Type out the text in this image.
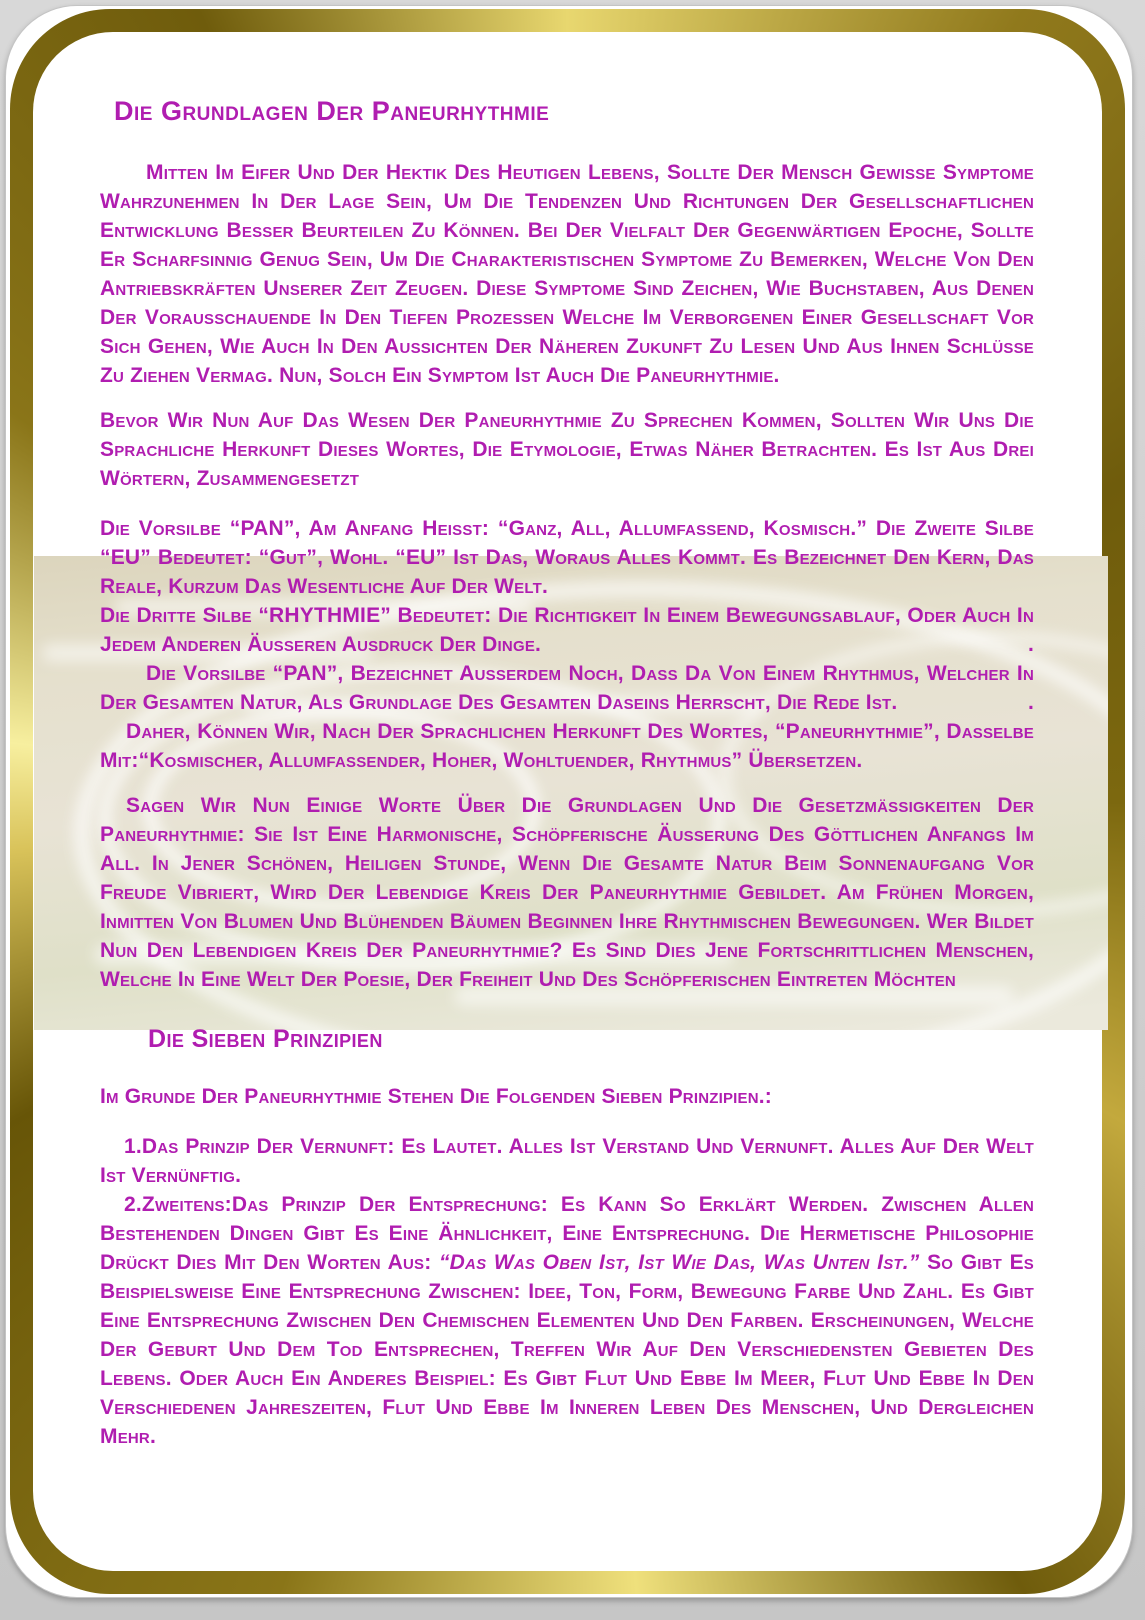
Die Grundlagen Der Paneurhythmie

Mitten Im Eifer Und Der Hektik Des Heutigen Lebens, Sollte Der Mensch Gewisse Symptome Wahrzunehmen In Der Lage Sein, Um Die Tendenzen Und Richtungen Der Gesellschaftlichen Entwicklung Besser Beurteilen Zu Können. Bei Der Vielfalt Der Gegenwärtigen Epoche, Sollte Er Scharfsinnig Genug Sein, Um Die Charakteristischen Symptome Zu Bemerken, Welche Von Den Antriebskräften Unserer Zeit Zeugen. Diese Symptome Sind Zeichen, Wie Buchstaben, Aus Denen Der Vorausschauende In Den Tiefen Prozessen Welche Im Verborgenen Einer Gesellschaft Vor Sich Gehen, Wie Auch In Den Aussichten Der Näheren Zukunft Zu Lesen Und Aus Ihnen Schlüsse Zu Ziehen Vermag. Nun, Solch Ein Symptom Ist Auch Die Paneurhythmie.

Bevor Wir Nun Auf Das Wesen Der Paneurhythmie Zu Sprechen Kommen, Sollten Wir Uns Die Sprachliche Herkunft Dieses Wortes, Die Etymologie, Etwas Näher Betrachten. Es Ist Aus Drei Wörtern, Zusammengesetzt

Die Vorsilbe “PAN”, Am Anfang Heisst: “Ganz, All, Allumfassend, Kosmisch.” Die Zweite Silbe “EU” Bedeutet: “Gut”, Wohl. “EU” Ist Das, Woraus Alles Kommt. Es Bezeichnet Den Kern, Das Reale, Kurzum Das Wesentliche Auf Der Welt.

Die Dritte Silbe “RHYTHMIE” Bedeutet: Die Richtigkeit In Einem Bewegungsablauf, Oder Auch In Jedem Anderen Äusseren Ausdruck Der Dinge.	.

Die Vorsilbe “PAN”, Bezeichnet Ausserdem Noch, Dass Da Von Einem Rhythmus, Welcher In Der Gesamten Natur, Als Grundlage Des Gesamten Daseins Herrscht, Die Rede Ist.	.

Daher, Können Wir, Nach Der Sprachlichen Herkunft Des Wortes, “Paneurhythmie”, Dasselbe Mit:“Kosmischer, Allumfassender, Hoher, Wohltuender, Rhythmus” Übersetzen.

Sagen Wir Nun Einige Worte Über Die Grundlagen Und Die Gesetzmässigkeiten Der Paneurhythmie: Sie Ist Eine Harmonische, Schöpferische Äusserung Des Göttlichen Anfangs Im All. In Jener Schönen, Heiligen Stunde, Wenn Die Gesamte Natur Beim Sonnenaufgang Vor Freude Vibriert, Wird Der Lebendige Kreis Der Paneurhythmie Gebildet. Am Frühen Morgen, Inmitten Von Blumen Und Blühenden Bäumen Beginnen Ihre Rhythmischen Bewegungen. Wer Bildet Nun Den Lebendigen Kreis Der Paneurhythmie? Es Sind Dies Jene Fortschrittlichen Menschen, Welche In Eine Welt Der Poesie, Der Freiheit Und Des Schöpferischen Eintreten Möchten

Die Sieben Prinzipien

Im Grunde Der Paneurhythmie Stehen Die Folgenden Sieben Prinzipien.:

1.Das Prinzip Der Vernunft: Es Lautet. Alles Ist Verstand Und Vernunft. Alles Auf Der Welt Ist Vernünftig.

2.Zweitens:Das Prinzip Der Entsprechung: Es Kann So Erklärt Werden. Zwischen Allen Bestehenden Dingen Gibt Es Eine Ähnlichkeit, Eine Entsprechung. Die Hermetische Philosophie Drückt Dies Mit Den Worten Aus: “Das Was Oben Ist, Ist Wie Das, Was Unten Ist.” So Gibt Es Beispielsweise Eine Entsprechung Zwischen: Idee, Ton, Form, Bewegung Farbe Und Zahl. Es Gibt Eine Entsprechung Zwischen Den Chemischen Elementen Und Den Farben. Erscheinungen, Welche Der Geburt Und Dem Tod Entsprechen, Treffen Wir Auf Den Verschiedensten Gebieten Des Lebens. Oder Auch Ein Anderes Beispiel: Es Gibt Flut Und Ebbe Im Meer, Flut Und Ebbe In Den Verschiedenen Jahreszeiten, Flut Und Ebbe Im Inneren Leben Des Menschen, Und Dergleichen Mehr.
